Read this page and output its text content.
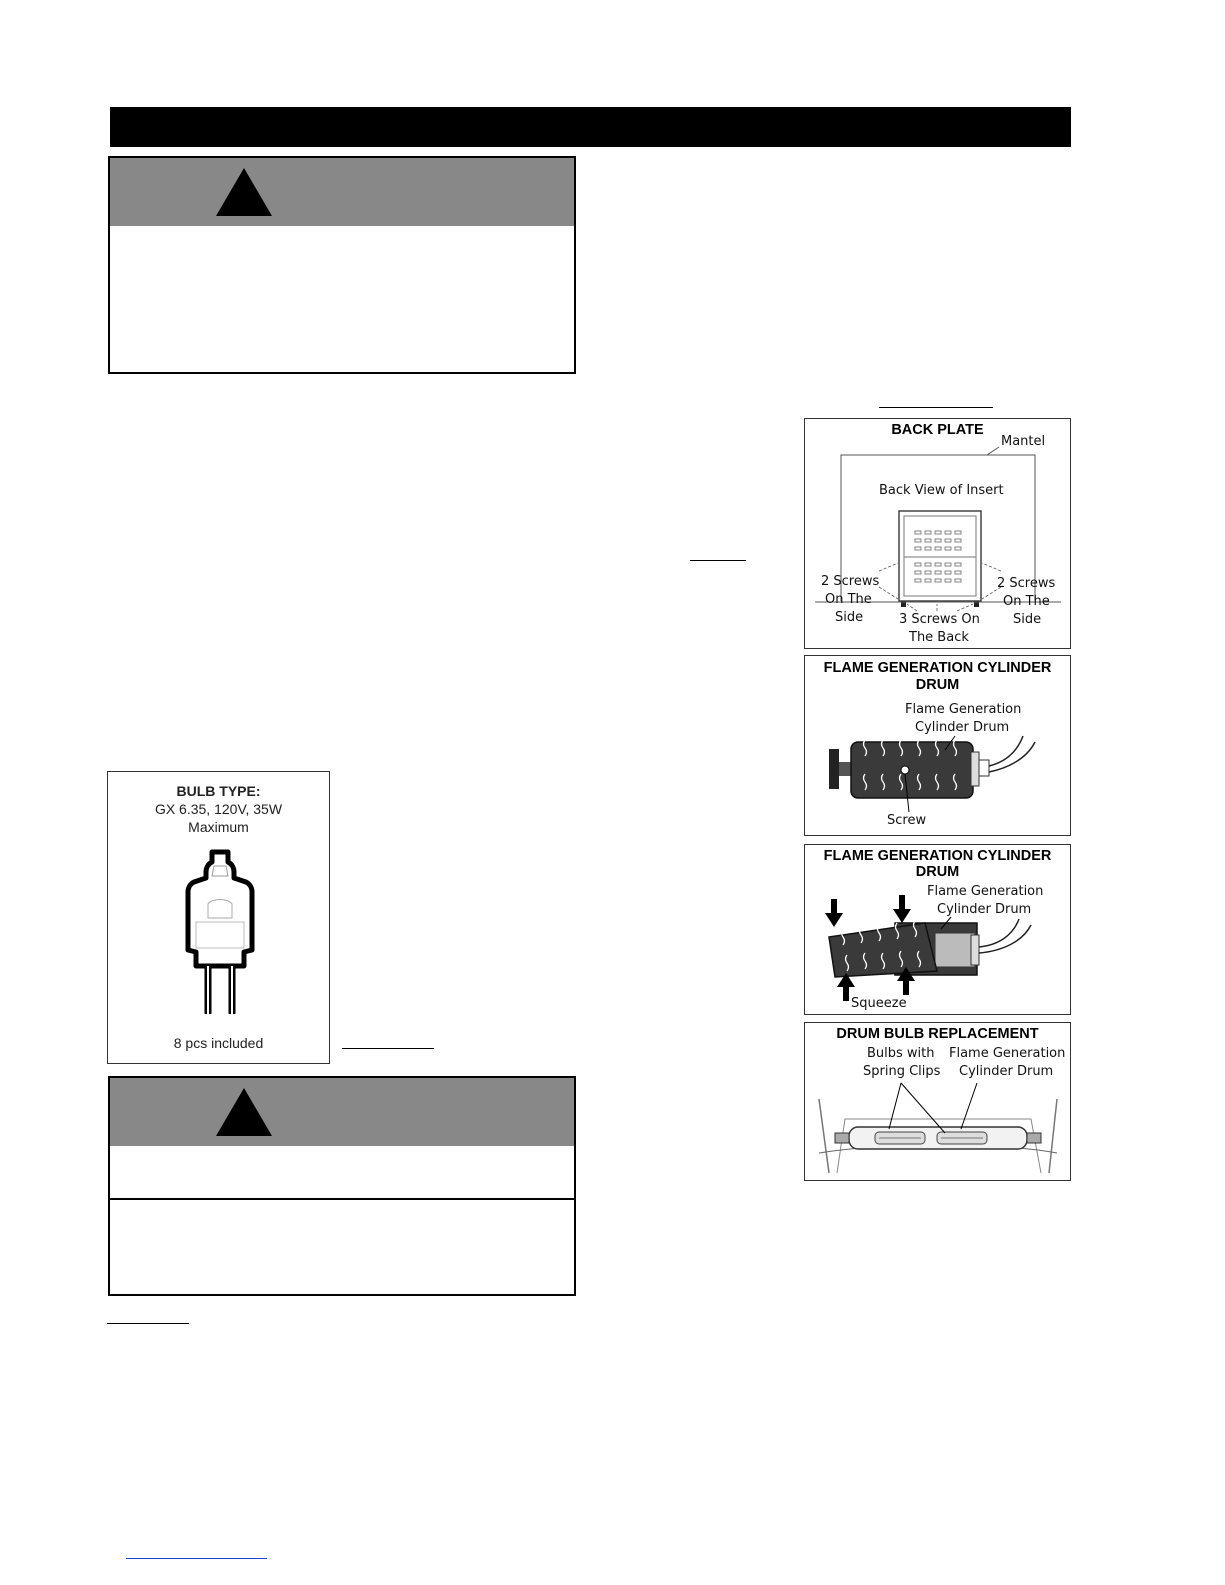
BACK PLATE
Mantel
Back View of Insert
2 Screws
On The
Side
2 Screws
On The
Side
3 Screws On
The Back
FLAME GENERATION CYLINDER
DRUM
Flame Generation
Cylinder Drum
Screw
FLAME GENERATION CYLINDER
DRUM
Flame Generation
Cylinder Drum
Squeeze
DRUM BULB REPLACEMENT
Bulbs with
Spring Clips
Flame Generation
Cylinder Drum
BULB TYPE:
GX 6.35, 120V, 35W
Maximum
8 pcs included
